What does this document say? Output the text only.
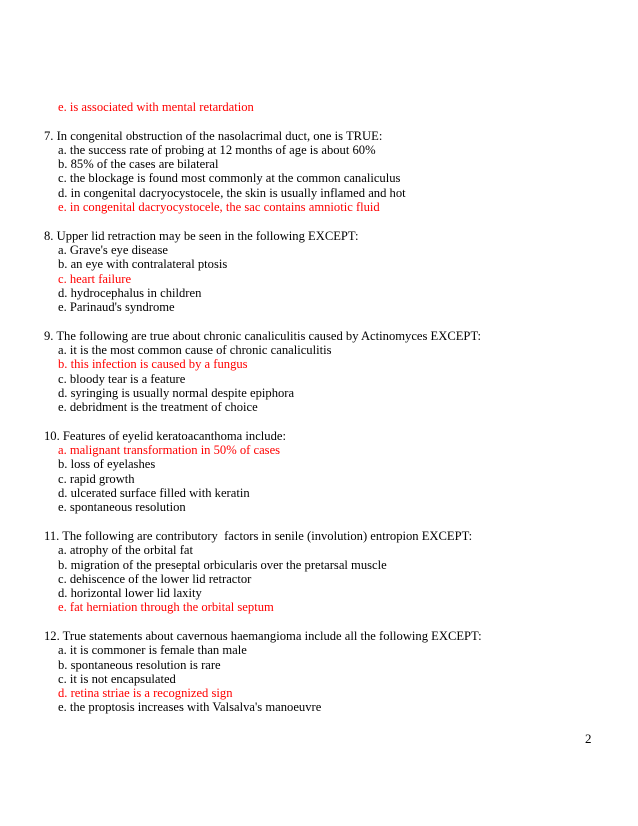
e. is associated with mental retardation
7. In congenital obstruction of the nasolacrimal duct, one is TRUE:
a. the success rate of probing at 12 months of age is about 60%
b. 85% of the cases are bilateral
c. the blockage is found most commonly at the common canaliculus
d. in congenital dacryocystocele, the skin is usually inflamed and hot
e. in congenital dacryocystocele, the sac contains amniotic fluid
8. Upper lid retraction may be seen in the following EXCEPT:
a. Grave's eye disease
b. an eye with contralateral ptosis
c. heart failure
d. hydrocephalus in children
e. Parinaud's syndrome
9. The following are true about chronic canaliculitis caused by Actinomyces EXCEPT:
a. it is the most common cause of chronic canaliculitis
b. this infection is caused by a fungus
c. bloody tear is a feature
d. syringing is usually normal despite epiphora
e. debridment is the treatment of choice
10. Features of eyelid keratoacanthoma include:
a. malignant transformation in 50% of cases
b. loss of eyelashes
c. rapid growth
d. ulcerated surface filled with keratin
e. spontaneous resolution
11. The following are contributory  factors in senile (involution) entropion EXCEPT:
a. atrophy of the orbital fat
b. migration of the preseptal orbicularis over the pretarsal muscle
c. dehiscence of the lower lid retractor
d. horizontal lower lid laxity
e. fat herniation through the orbital septum
12. True statements about cavernous haemangioma include all the following EXCEPT:
a. it is commoner is female than male
b. spontaneous resolution is rare
c. it is not encapsulated
d. retina striae is a recognized sign
e. the proptosis increases with Valsalva's manoeuvre
2
